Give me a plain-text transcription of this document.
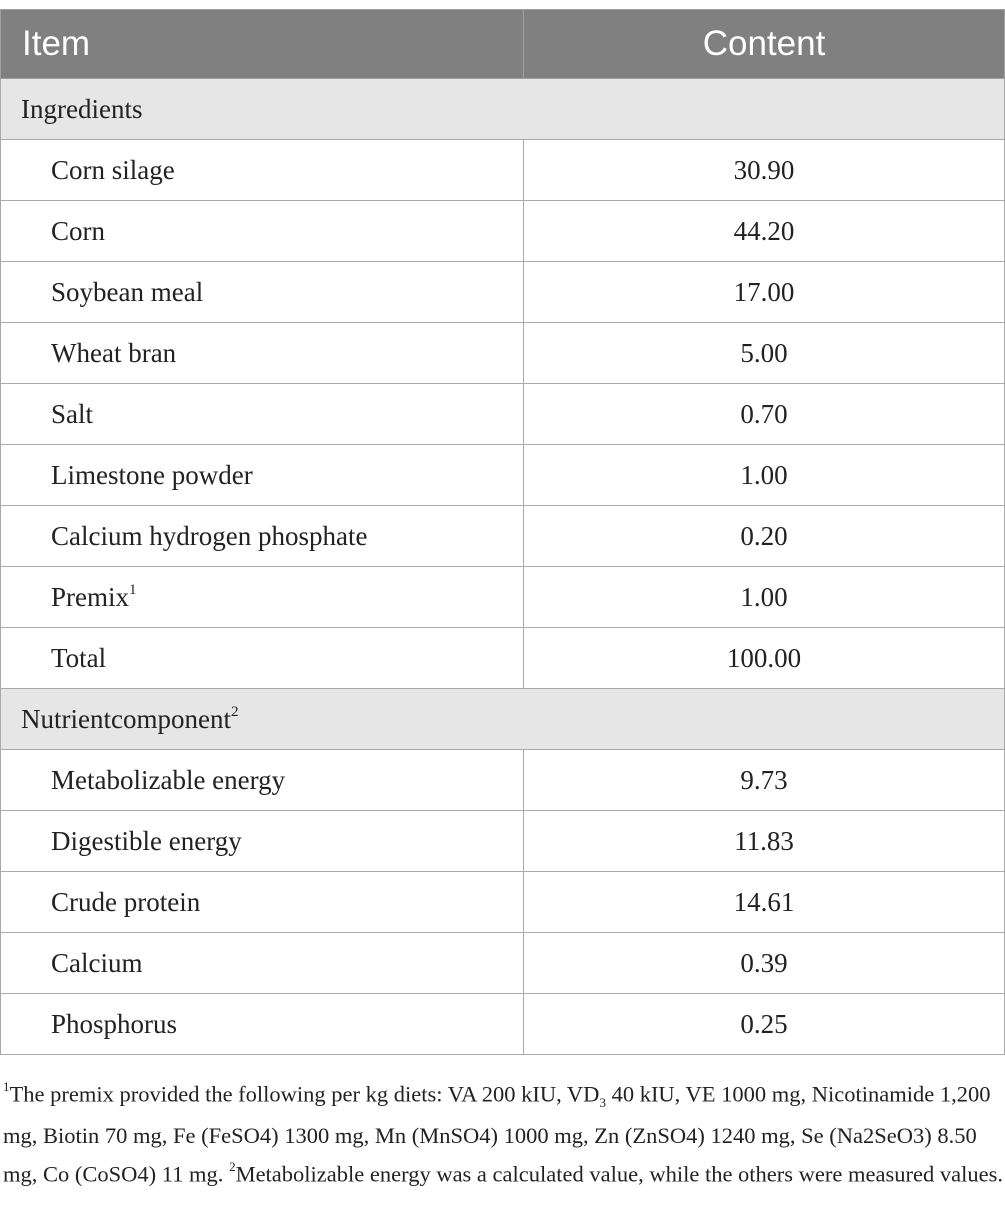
Item	Content
Ingredients	
Corn silage	30.90
Corn	44.20
Soybean meal	17.00
Wheat bran	5.00
Salt	0.70
Limestone powder	1.00
Calcium hydrogen phosphate	0.20
Premix$^1$	1.00
Total	100.00
Nutrientcomponent$^2$
Metabolizable energy	9.73
Digestible energy	11.83
Crude protein	14.61
Calcium	0.39
Phosphorus	0.25
$^1$The premix provided the following per kg diets: VA 200 kIU, $VD_3$ 40 kIU, VE 1000 mg, Nicotinamide 1,200 mg, Biotin 70 mg, Fe (FeSO4) 1300 mg, Mn (MnSO4) 1000 mg, Zn (ZnSO4) 1240 mg, Se (Na2SeO3) 8.50 mg, Co (CoSO4) 11 mg. $^2$Metabolizable energy was a calculated value, while the others were measured values.
